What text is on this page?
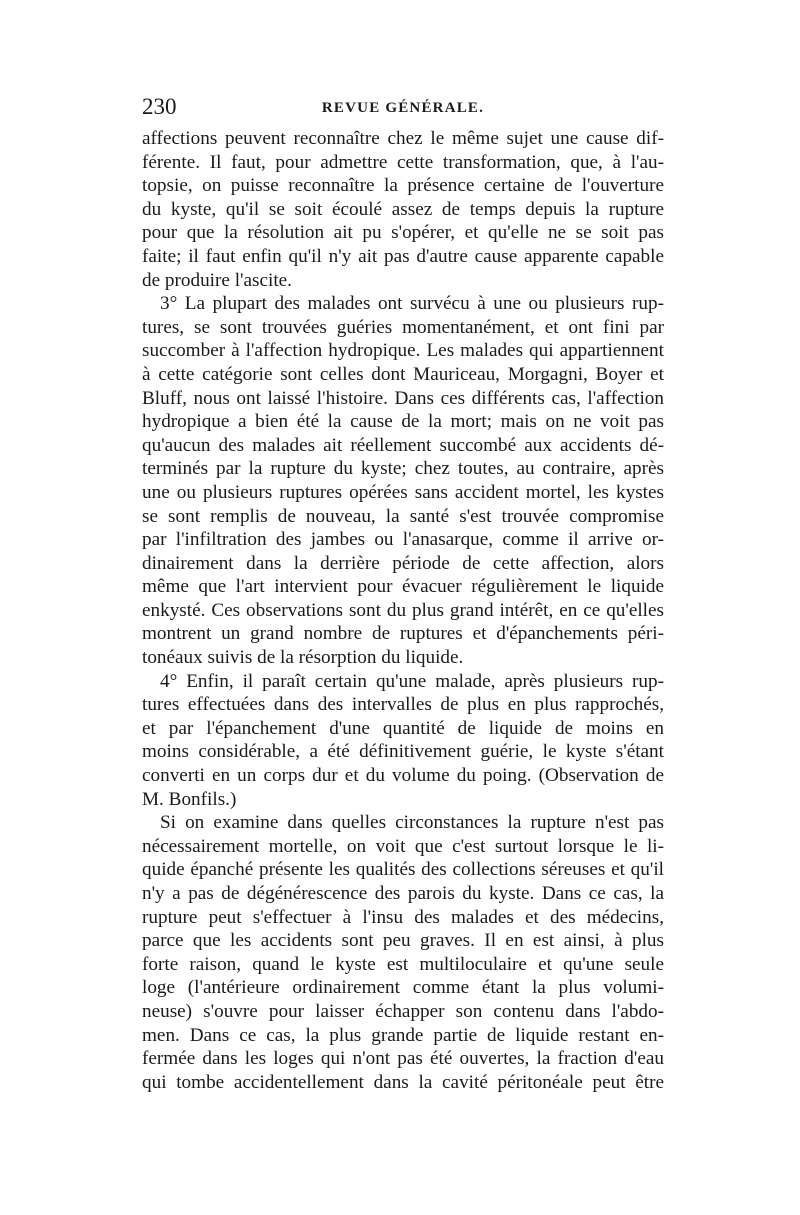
230	REVUE GÉNÉRALE.
affections peuvent reconnaître chez le même sujet une cause dif-
férente. Il faut, pour admettre cette transformation, que, à l'au-
topsie, on puisse reconnaître la présence certaine de l'ouverture
du kyste, qu'il se soit écoulé assez de temps depuis la rupture
pour que la résolution ait pu s'opérer, et qu'elle ne se soit pas
faite; il faut enfin qu'il n'y ait pas d'autre cause apparente capable
de produire l'ascite.
3° La plupart des malades ont survécu à une ou plusieurs rup-
tures, se sont trouvées guéries momentanément, et ont fini par
succomber à l'affection hydropique. Les malades qui appartiennent
à cette catégorie sont celles dont Mauriceau, Morgagni, Boyer et
Bluff, nous ont laissé l'histoire. Dans ces différents cas, l'affection
hydropique a bien été la cause de la mort; mais on ne voit pas
qu'aucun des malades ait réellement succombé aux accidents dé-
terminés par la rupture du kyste; chez toutes, au contraire, après
une ou plusieurs ruptures opérées sans accident mortel, les kystes
se sont remplis de nouveau, la santé s'est trouvée compromise
par l'infiltration des jambes ou l'anasarque, comme il arrive or-
dinairement dans la derrière période de cette affection, alors
même que l'art intervient pour évacuer régulièrement le liquide
enkysté. Ces observations sont du plus grand intérêt, en ce qu'elles
montrent un grand nombre de ruptures et d'épanchements péri-
tonéaux suivis de la résorption du liquide.
4° Enfin, il paraît certain qu'une malade, après plusieurs rup-
tures effectuées dans des intervalles de plus en plus rapprochés,
et par l'épanchement d'une quantité de liquide de moins en
moins considérable, a été définitivement guérie, le kyste s'étant
converti en un corps dur et du volume du poing. (Observation de
M. Bonfils.)
Si on examine dans quelles circonstances la rupture n'est pas
nécessairement mortelle, on voit que c'est surtout lorsque le li-
quide épanché présente les qualités des collections séreuses et qu'il
n'y a pas de dégénérescence des parois du kyste. Dans ce cas, la
rupture peut s'effectuer à l'insu des malades et des médecins,
parce que les accidents sont peu graves. Il en est ainsi, à plus
forte raison, quand le kyste est multiloculaire et qu'une seule
loge (l'antérieure ordinairement comme étant la plus volumi-
neuse) s'ouvre pour laisser échapper son contenu dans l'abdo-
men. Dans ce cas, la plus grande partie de liquide restant en-
fermée dans les loges qui n'ont pas été ouvertes, la fraction d'eau
qui tombe accidentellement dans la cavité péritonéale peut être
